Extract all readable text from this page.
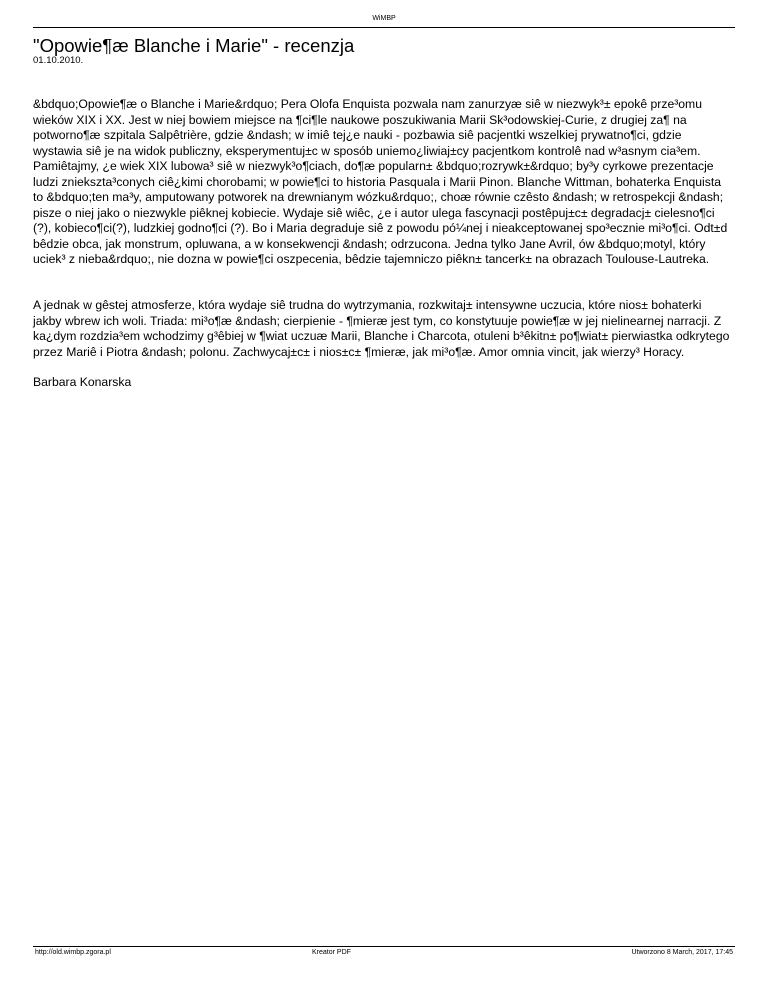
WiMBP
"Opowie¶æ Blanche i Marie" - recenzja
01.10.2010.

&bdquo;Opowie¶æ o Blanche i Marie&rdquo; Pera Olofa Enquista pozwala nam zanurzyæ siê w niezwyk³± epokê prze³omu wieków XIX i XX. Jest w niej bowiem miejsce na ¶ci¶le naukowe poszukiwania Marii Sk³odowskiej-Curie, z drugiej za¶ na potworno¶æ szpitala Salpêtrière, gdzie &ndash; w imiê tej¿e nauki - pozbawia siê pacjentki wszelkiej prywatno¶ci, gdzie wystawia siê je na widok publiczny, eksperymentuj±c w sposób uniemo¿liwiaj±cy pacjentkom kontrolê nad w³asnym cia³em. Pamiêtajmy, ¿e wiek XIX lubowa³ siê w niezwyk³o¶ciach, do¶æ popularn± &bdquo;rozrywk±&rdquo; by³y cyrkowe prezentacje ludzi zniekszta³conych ciê¿kimi chorobami; w powie¶ci to historia Pasquala i Marii Pinon. Blanche Wittman, bohaterka Enquista to &bdquo;ten ma³y, amputowany potworek na drewnianym wózku&rdquo;, choæ równie czêsto &ndash; w retrospekcji &ndash; pisze o niej jako o niezwykle piêknej kobiecie. Wydaje siê wiêc, ¿e i autor ulega fascynacji postêpuj±c± degradacj± cielesno¶ci (?), kobieco¶ci(?), ludzkiej godno¶ci (?). Bo i Maria degraduje siê z powodu pó¼nej i nieakceptowanej spo³ecznie mi³o¶ci. Odt±d bêdzie obca, jak monstrum, opluwana, a w konsekwencji &ndash; odrzucona. Jedna tylko Jane Avril, ów &bdquo;motyl, który uciek³ z nieba&rdquo;, nie dozna w powie¶ci oszpecenia, bêdzie tajemniczo piêkn± tancerk± na obrazach Toulouse-Lautreka.

A jednak w gêstej atmosferze, która wydaje siê trudna do wytrzymania, rozkwitaj± intensywne uczucia, które nios± bohaterki jakby wbrew ich woli. Triada: mi³o¶æ &ndash; cierpienie - ¶mieræ jest tym, co konstytuuje powie¶æ w jej nielinearnej narracji. Z ka¿dym rozdzia³em wchodzimy g³êbiej w ¶wiat uczuæ Marii, Blanche i Charcota, otuleni b³êkitn± po¶wiat± pierwiastka odkrytego przez Mariê i Piotra &ndash; polonu. Zachwycaj±c± i nios±c± ¶mieræ, jak mi³o¶æ. Amor omnia vincit, jak wierzy³ Horacy.

Barbara Konarska
http://old.wimbp.zgora.pl	Kreator PDF	Utworzono 8 March, 2017, 17:45
